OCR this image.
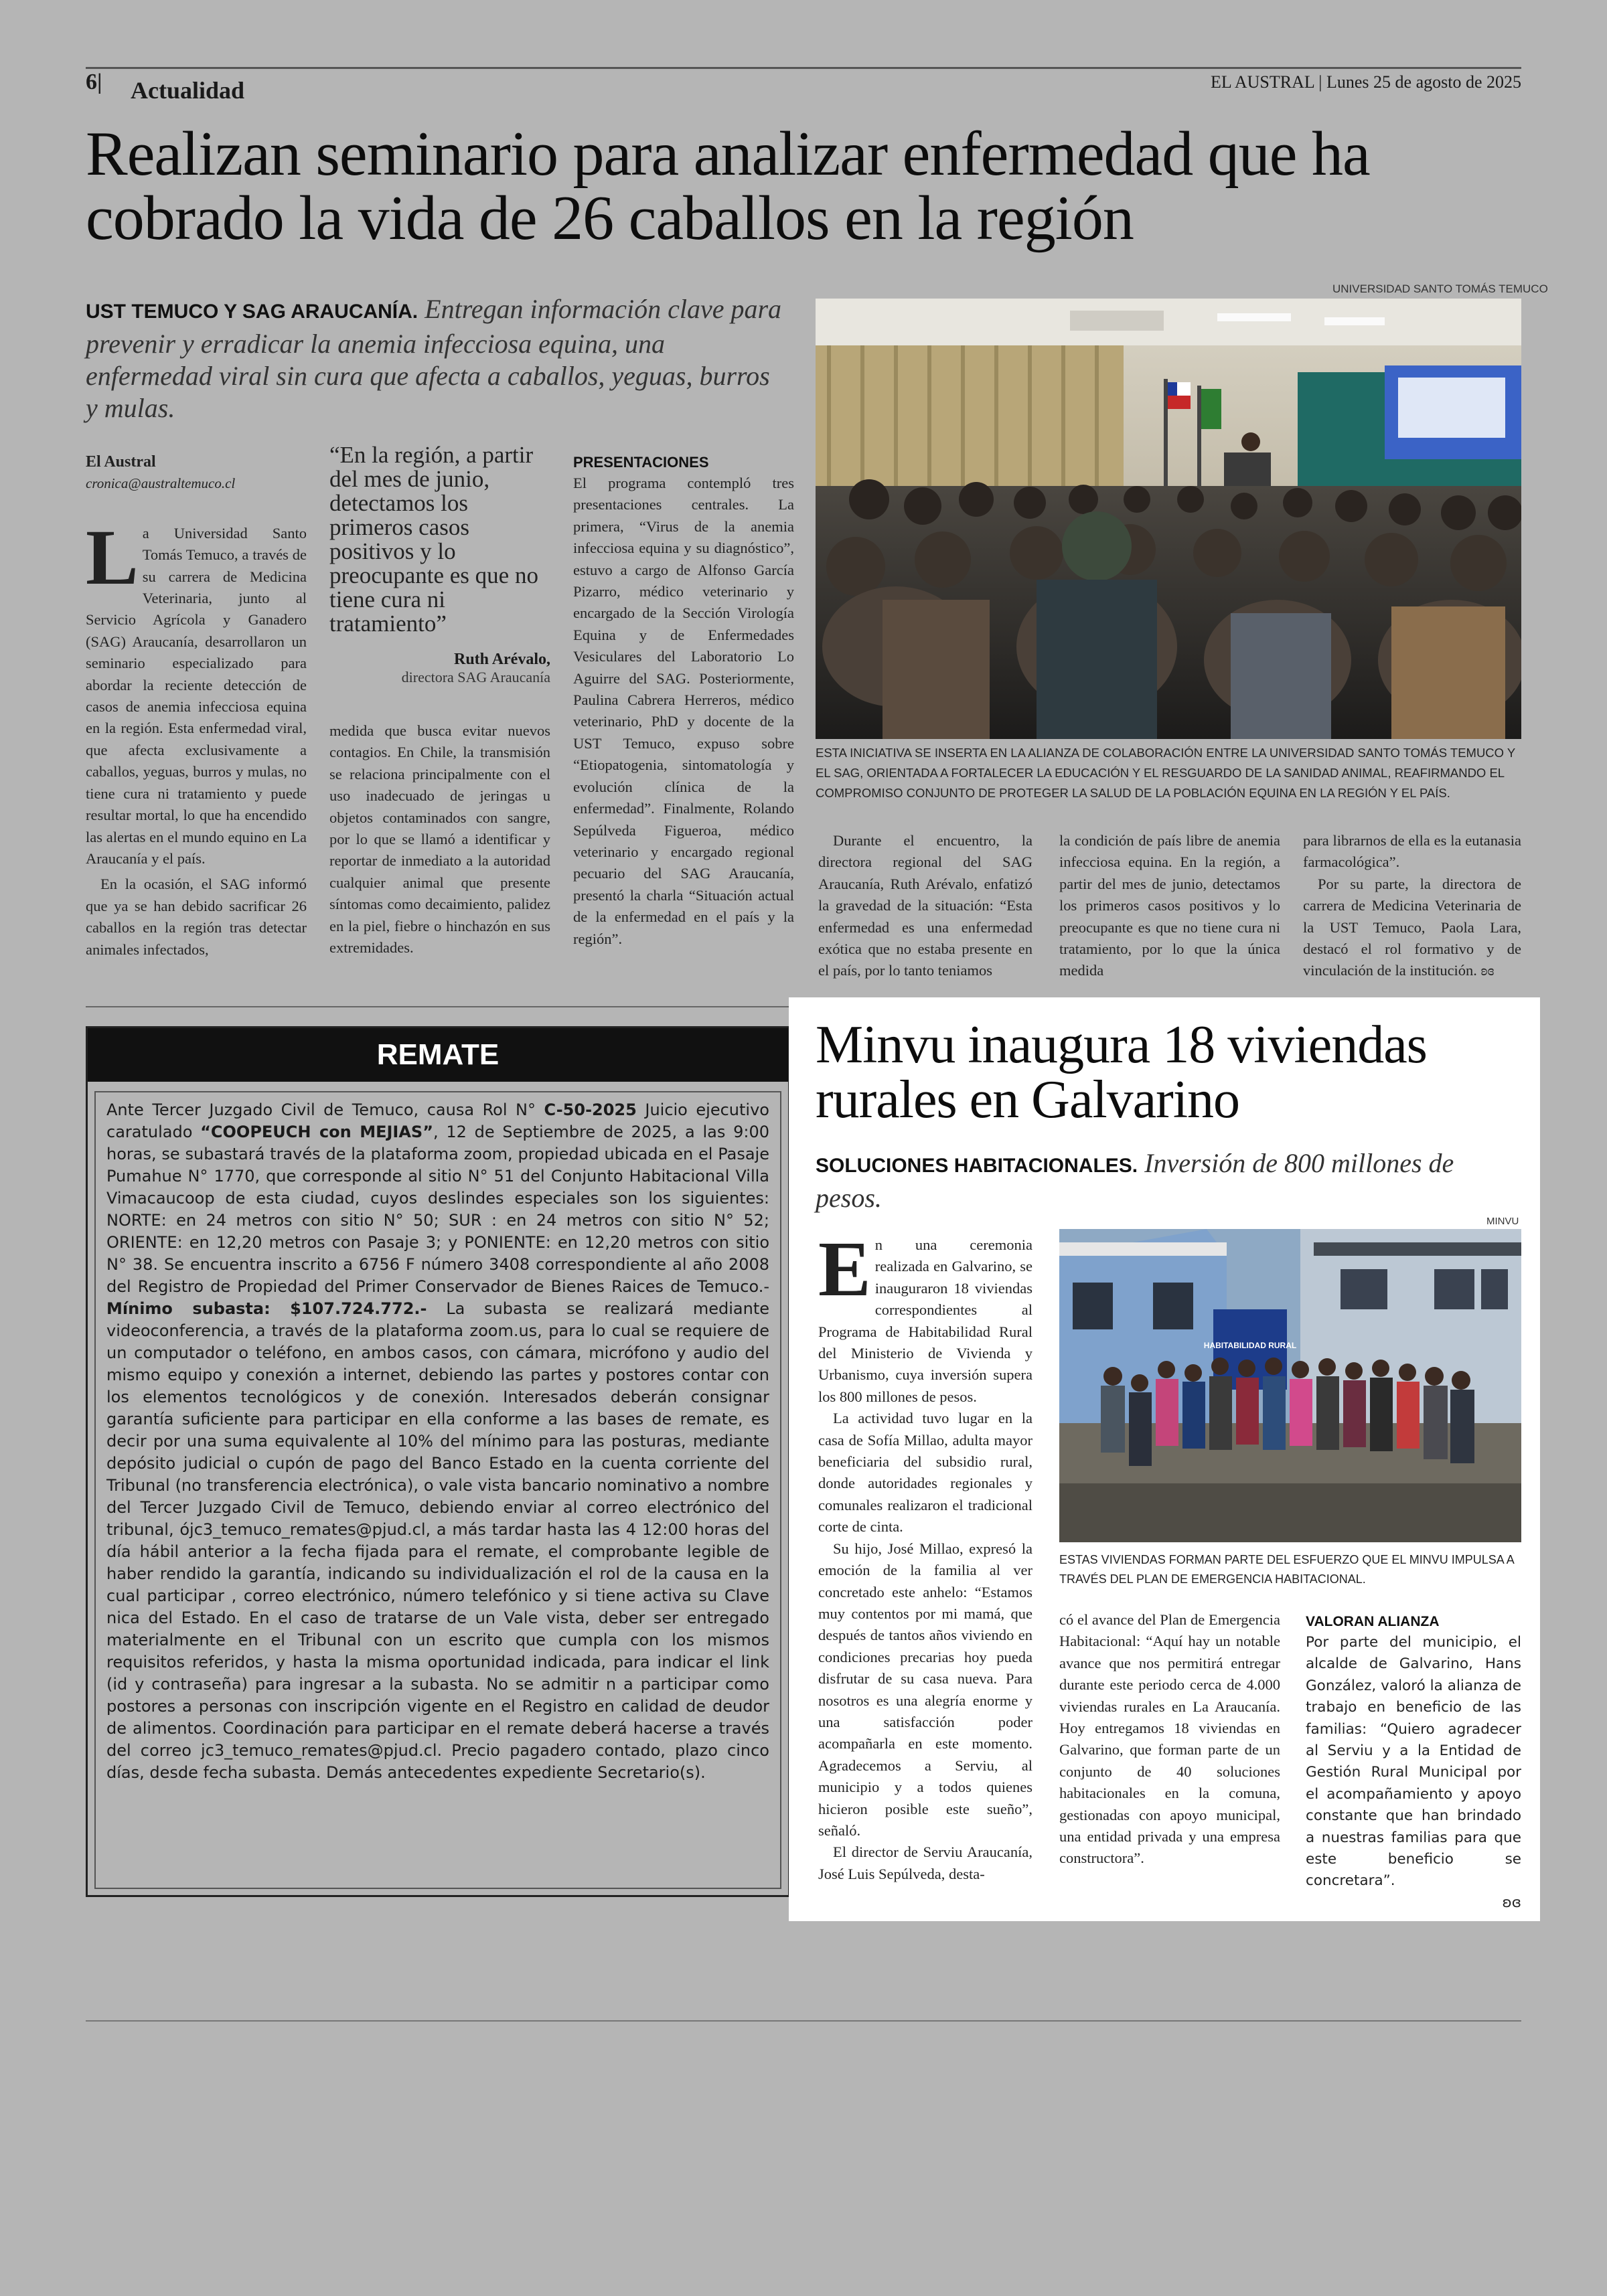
6| Actualidad	EL AUSTRAL | Lunes 25 de agosto de 2025
Realizan seminario para analizar enfermedad que ha cobrado la vida de 26 caballos en la región
UNIVERSIDAD SANTO TOMÁS TEMUCO
UST TEMUCO Y SAG ARAUCANÍA. Entregan información clave para prevenir y erradicar la anemia infecciosa equina, una enfermedad viral sin cura que afecta a caballos, yeguas, burros y mulas.
ESTA INICIATIVA SE INSERTA EN LA ALIANZA DE COLABORACIÓN ENTRE LA UNIVERSIDAD SANTO TOMÁS TEMUCO Y EL SAG, ORIENTADA A FORTALECER LA EDUCACIÓN Y EL RESGUARDO DE LA SANIDAD ANIMAL, REAFIRMANDO EL COMPROMISO CONJUNTO DE PROTEGER LA SALUD DE LA POBLACIÓN EQUINA EN LA REGIÓN Y EL PAÍS.
El Austral
cronica@australtemuco.cl

La Universidad Santo Tomás Temuco, a través de su carrera de Medicina Veterinaria, junto al Servicio Agrícola y Ganadero (SAG) Araucanía, desarrollaron un seminario especializado para abordar la reciente detección de casos de anemia infecciosa equina en la región. Esta enfermedad viral, que afecta exclusivamente a caballos, yeguas, burros y mulas, no tiene cura ni tratamiento y puede resultar mortal, lo que ha encendido las alertas en el mundo equino en La Araucanía y el país.

En la ocasión, el SAG informó que ya se han debido sacrificar 26 caballos en la región tras detectar animales infectados,

“En la región, a partir del mes de junio, detectamos los primeros casos positivos y lo preocupante es que no tiene cura ni tratamiento”
Ruth Arévalo,
directora SAG Araucanía

medida que busca evitar nuevos contagios. En Chile, la transmisión se relaciona principalmente con el uso inadecuado de jeringas u objetos contaminados con sangre, por lo que se llamó a identificar y reportar de inmediato a la autoridad cualquier animal que presente síntomas como decaimiento, palidez en la piel, fiebre o hinchazón en sus extremidades.

PRESENTACIONES

El programa contempló tres presentaciones centrales. La primera, “Virus de la anemia infecciosa equina y su diagnóstico”, estuvo a cargo de Alfonso García Pizarro, médico veterinario y encargado de la Sección Virología Equina y de Enfermedades Vesiculares del Laboratorio Lo Aguirre del SAG. Posteriormente, Paulina Cabrera Herreros, médico veterinario, PhD y docente de la UST Temuco, expuso sobre “Etiopatogenia, sintomatología y evolución clínica de la enfermedad”. Finalmente, Rolando Sepúlveda Figueroa, médico veterinario y encargado regional pecuario del SAG Araucanía, presentó la charla “Situación actual de la enfermedad en el país y la región”.

Durante el encuentro, la directora regional del SAG Araucanía, Ruth Arévalo, enfatizó la gravedad de la situación: “Esta enfermedad es una enfermedad exótica que no estaba presente en el país, por lo tanto teniamos

la condición de país libre de anemia infecciosa equina. En la región, a partir del mes de junio, detectamos los primeros casos positivos y lo preocupante es que no tiene cura ni tratamiento, por lo que la única medida

para librarnos de ella es la eutanasia farmacológica”.

Por su parte, la directora de carrera de Medicina Veterinaria de la UST Temuco, Paola Lara, destacó el rol formativo y de vinculación de la institución. ʚɞ

REMATE
Ante Tercer Juzgado Civil de Temuco, causa Rol N° C-50-2025 Juicio ejecutivo caratulado “COOPEUCH con MEJIAS”, 12 de Septiembre de 2025, a las 9:00 horas, se subastará través de la plataforma zoom, propiedad ubicada en el Pasaje Pumahue N° 1770, que corresponde al sitio N° 51 del Conjunto Habitacional Villa Vimacaucoop de esta ciudad, cuyos deslindes especiales son los siguientes: NORTE: en 24 metros con sitio N° 50; SUR : en 24 metros con sitio N° 52; ORIENTE: en 12,20 metros con Pasaje 3; y PONIENTE: en 12,20 metros con sitio N° 38. Se encuentra inscrito a 6756 F número 3408 correspondiente al año 2008 del Registro de Propiedad del Primer Conservador de Bienes Raices de Temuco.- Mínimo subasta: $107.724.772.- La subasta se realizará mediante videoconferencia, a través de la plataforma zoom.us, para lo cual se requiere de un computador o teléfono, en ambos casos, con cámara, micrófono y audio del mismo equipo y conexión a internet, debiendo las partes y postores contar con los elementos tecnológicos y de conexión. Interesados deberán consignar garantía suficiente para participar en ella conforme a las bases de remate, es decir por una suma equivalente al 10% del mínimo para las posturas, mediante depósito judicial o cupón de pago del Banco Estado en la cuenta corriente del Tribunal (no transferencia electrónica), o vale vista bancario nominativo a nombre del Tercer Juzgado Civil de Temuco, debiendo enviar al correo electrónico del tribunal, ójc3_temuco_remates@pjud.cl, a más tardar hasta las 4 12:00 horas del día hábil anterior a la fecha fijada para el remate, el comprobante legible de haber rendido la garantía, indicando su individualización el rol de la causa en la cual participar , correo electrónico, número telefónico y si tiene activa su Clave nica del Estado. En el caso de tratarse de un Vale vista, deber ser entregado materialmente en el Tribunal con un escrito que cumpla con los mismos requisitos referidos, y hasta la misma oportunidad indicada, para indicar el link (id y contraseña) para ingresar a la subasta. No se admitir n a participar como postores a personas con inscripción vigente en el Registro en calidad de deudor de alimentos. Coordinación para participar en el remate deberá hacerse a través del correo jc3_temuco_remates@pjud.cl. Precio pagadero contado, plazo cinco días, desde fecha subasta. Demás antecedentes expediente Secretario(s).
Minvu inaugura 18 viviendas rurales en Galvarino
SOLUCIONES HABITACIONALES. Inversión de 800 millones de pesos.
MINVU

En una ceremonia realizada en Galvarino, se inauguraron 18 viviendas correspondientes al Programa de Habitabilidad Rural del Ministerio de Vivienda y Urbanismo, cuya inversión supera los 800 millones de pesos.

La actividad tuvo lugar en la casa de Sofía Millao, adulta mayor beneficiaria del subsidio rural, donde autoridades regionales y comunales realizaron el tradicional corte de cinta.

Su hijo, José Millao, expresó la emoción de la familia al ver concretado este anhelo: “Estamos muy contentos por mi mamá, que después de tantos años viviendo en condiciones precarias hoy pueda disfrutar de su casa nueva. Para nosotros es una alegría enorme y una satisfacción poder acompañarla en este momento. Agradecemos a Serviu, al municipio y a todos quienes hicieron posible este sueño”, señaló.

El director de Serviu Araucanía, José Luis Sepúlveda, desta-

HABITABILIDAD RURAL
ESTAS VIVIENDAS FORMAN PARTE DEL ESFUERZO QUE EL MINVU IMPULSA A TRAVÉS DEL PLAN DE EMERGENCIA HABITACIONAL.

có el avance del Plan de Emergencia Habitacional: “Aquí hay un notable avance que nos permitirá entregar durante este periodo cerca de 4.000 viviendas rurales en La Araucanía. Hoy entregamos 18 viviendas en Galvarino, que forman parte de un conjunto de 40 soluciones habitacionales en la comuna, gestionadas con apoyo municipal, una entidad privada y una empresa constructora”.

VALORAN ALIANZA

Por parte del municipio, el alcalde de Galvarino, Hans González, valoró la alianza de trabajo en beneficio de las familias: “Quiero agradecer al Serviu y a la Entidad de Gestión Rural Municipal por el acompañamiento y apoyo constante que han brindado a nuestras familias para que este beneficio se concretara”.

ʚɞ
